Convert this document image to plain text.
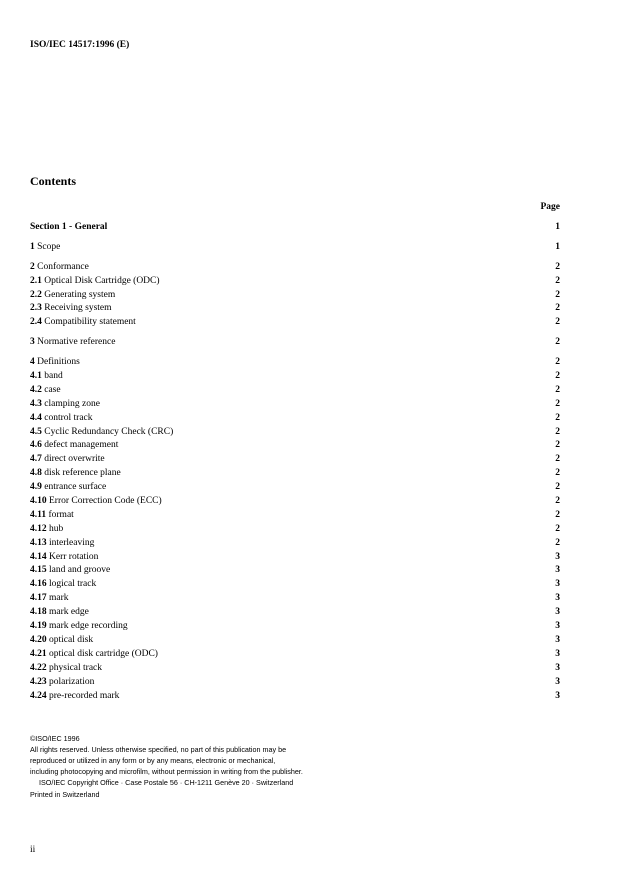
ISO/IEC 14517:1996 (E)
Contents
Page
Section 1 - General	1
1 Scope	1
2 Conformance	2
2.1 Optical Disk Cartridge (ODC)	2
2.2 Generating system	2
2.3 Receiving system	2
2.4 Compatibility statement	2
3 Normative reference	2
4 Definitions	2
4.1 band	2
4.2 case	2
4.3 clamping zone	2
4.4 control track	2
4.5 Cyclic Redundancy Check (CRC)	2
4.6 defect management	2
4.7 direct overwrite	2
4.8 disk reference plane	2
4.9 entrance surface	2
4.10 Error Correction Code (ECC)	2
4.11 format	2
4.12 hub	2
4.13 interleaving	2
4.14 Kerr rotation	3
4.15 land and groove	3
4.16 logical track	3
4.17 mark	3
4.18 mark edge	3
4.19 mark edge recording	3
4.20 optical disk	3
4.21 optical disk cartridge (ODC)	3
4.22 physical track	3
4.23 polarization	3
4.24 pre-recorded mark	3
©ISO/IEC 1996
All rights reserved. Unless otherwise specified, no part of this publication may be
reproduced or utilized in any form or by any means, electronic or mechanical,
including photocopying and microfilm, without permission in writing from the publisher.
ISO/IEC Copyright Office · Case Postale 56 · CH-1211 Genève 20 · Switzerland
Printed in Switzerland
ii
